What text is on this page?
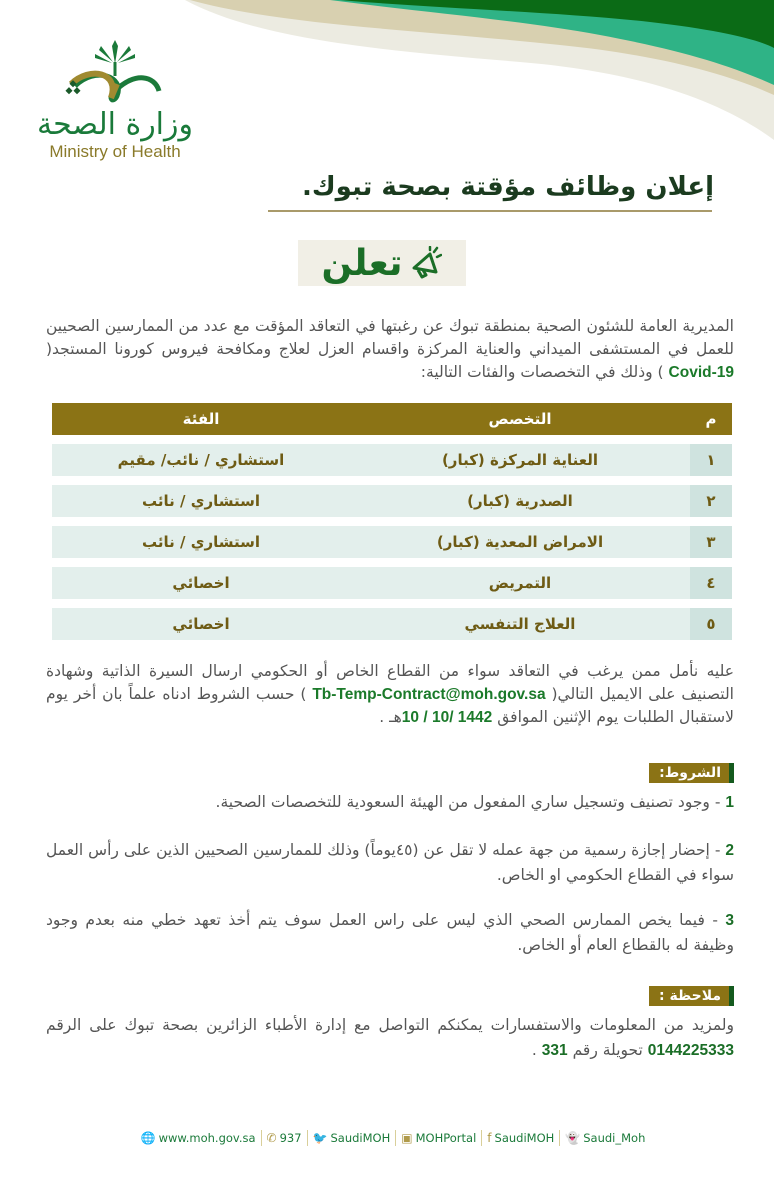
وزارة الصحة
Ministry of Health
إعلان وظائف مؤقتة بصحة تبوك.
تعلن
المديرية العامة للشئون الصحية بمنطقة تبوك عن رغبتها في التعاقد المؤقت مع عدد من الممارسين الصحيين للعمل في المستشفى الميداني والعناية المركزة واقسام العزل لعلاج ومكافحة فيروس كورونا المستجد( Covid-19 ) وذلك في التخصصات والفئات التالية:
م
التخصص
الفئة
١
العناية المركزة (كبار)
استشاري / نائب/ مقيم
٢
الصدرية (كبار)
استشاري / نائب
٣
الامراض المعدية (كبار)
استشاري / نائب
٤
التمريض
اخصائي
٥
العلاج التنفسي
اخصائي
عليه نأمل ممن يرغب في التعاقد سواء من القطاع الخاص أو الحكومي ارسال السيرة الذاتية وشهادة التصنيف على الايميل التالي( Tb-Temp-Contract@moh.gov.sa ) حسب الشروط ادناه علماً بان أخر يوم لاستقبال الطلبات يوم الإثنين الموافق 10 / 10/ 1442هـ .
الشروط:
1 - وجود تصنيف وتسجيل ساري المفعول من الهيئة السعودية للتخصصات الصحية.
2 - إحضار إجازة رسمية من جهة عمله لا تقل عن (٤٥يوماً) وذلك للممارسين الصحيين الذين على رأس العمل سواء في القطاع الحكومي او الخاص.
3 - فيما يخص الممارس الصحي الذي ليس على راس العمل سوف يتم أخذ تعهد خطي منه بعدم وجود وظيفة له بالقطاع العام أو الخاص.
ملاحظة :
ولمزيد من المعلومات والاستفسارات يمكنكم التواصل مع إدارة الأطباء الزائرين بصحة تبوك على الرقم 0144225333 تحويلة رقم 331 .
🌐 www.moh.gov.sa ✆ 937 🐦 SaudiMOH ▣ MOHPortal f SaudiMOH 👻 Saudi_Moh
